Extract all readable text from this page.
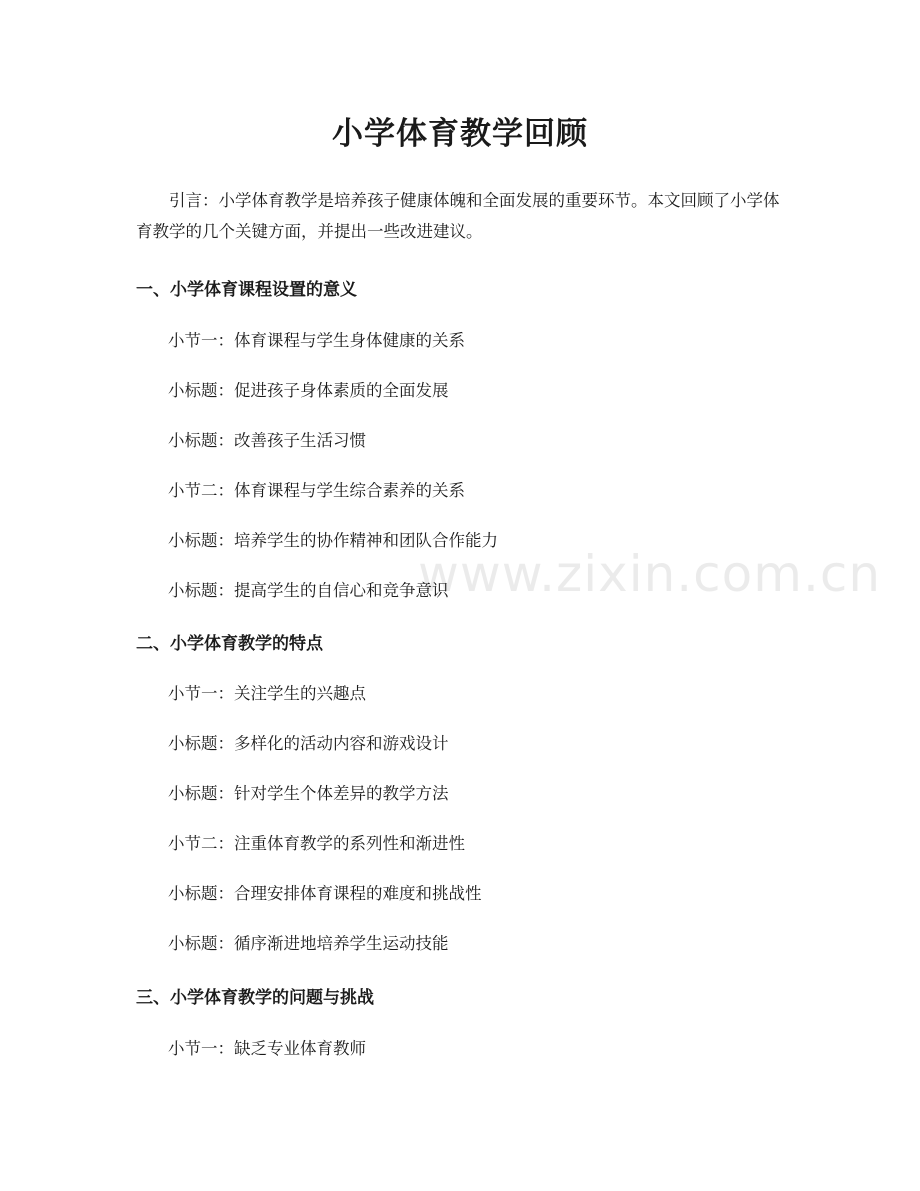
小学体育教学回顾

引言：小学体育教学是培养孩子健康体魄和全面发展的重要环节。本文回顾了小学体育教学的几个关键方面，并提出一些改进建议。

一、小学体育课程设置的意义

小节一：体育课程与学生身体健康的关系

小标题：促进孩子身体素质的全面发展

小标题：改善孩子生活习惯

小节二：体育课程与学生综合素养的关系

小标题：培养学生的协作精神和团队合作能力

小标题：提高学生的自信心和竞争意识

二、小学体育教学的特点

小节一：关注学生的兴趣点

小标题：多样化的活动内容和游戏设计

小标题：针对学生个体差异的教学方法

小节二：注重体育教学的系列性和渐进性

小标题：合理安排体育课程的难度和挑战性

小标题：循序渐进地培养学生运动技能

三、小学体育教学的问题与挑战

小节一：缺乏专业体育教师

www.zixin.com.cn
